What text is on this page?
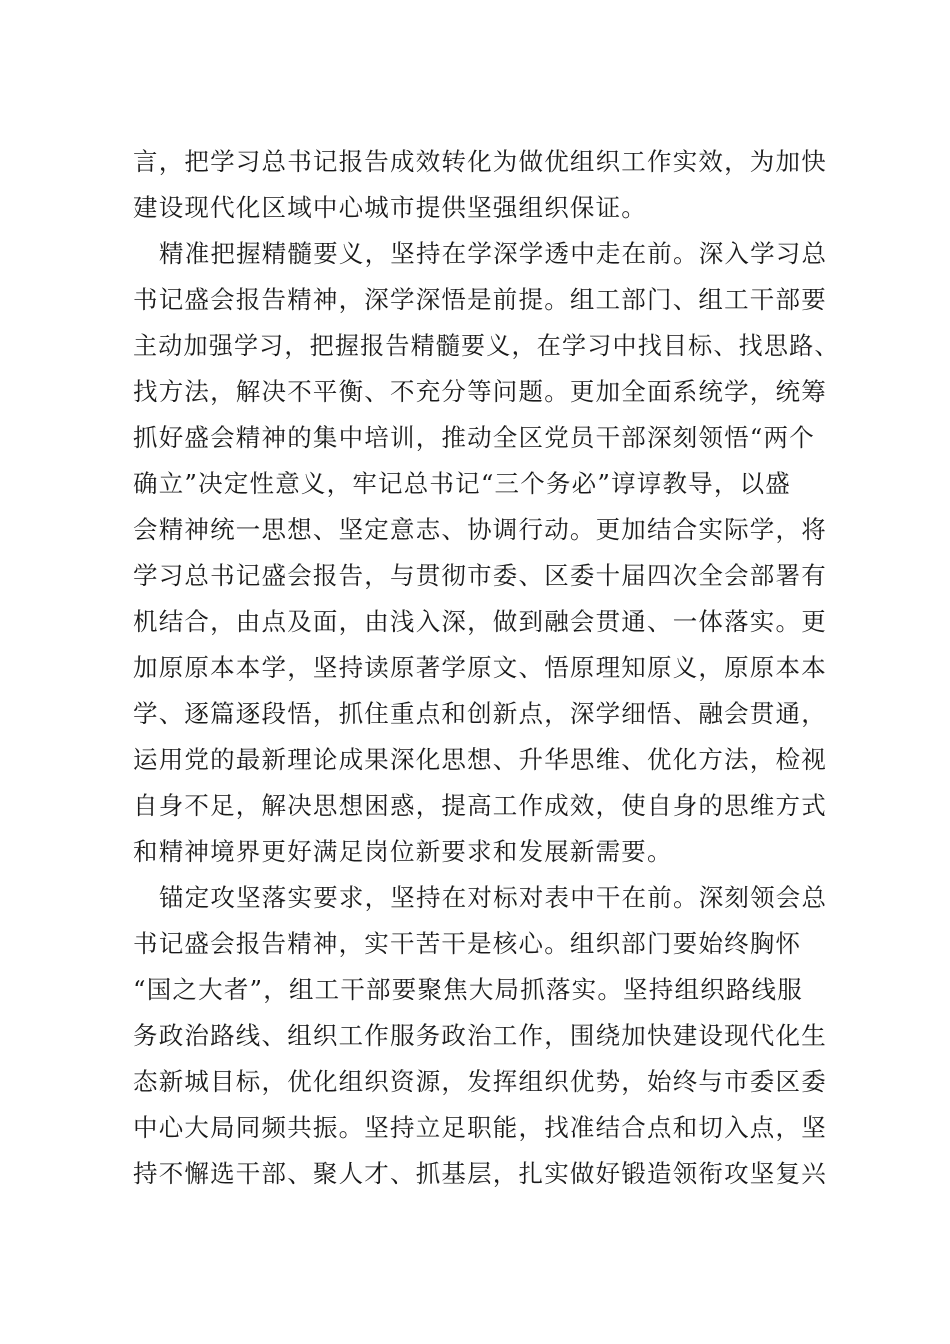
言，把学习总书记报告成效转化为做优组织工作实效，为加快
建设现代化区域中心城市提供坚强组织保证。
精准把握精髓要义，坚持在学深学透中走在前。深入学习总
书记盛会报告精神，深学深悟是前提。组工部门、组工干部要
主动加强学习，把握报告精髓要义，在学习中找目标、找思路、
找方法，解决不平衡、不充分等问题。更加全面系统学，统筹
抓好盛会精神的集中培训，推动全区党员干部深刻领悟“两个
确立”决定性意义，牢记总书记“三个务必”谆谆教导，以盛
会精神统一思想、坚定意志、协调行动。更加结合实际学，将
学习总书记盛会报告，与贯彻市委、区委十届四次全会部署有
机结合，由点及面，由浅入深，做到融会贯通、一体落实。更
加原原本本学，坚持读原著学原文、悟原理知原义，原原本本
学、逐篇逐段悟，抓住重点和创新点，深学细悟、融会贯通，
运用党的最新理论成果深化思想、升华思维、优化方法，检视
自身不足，解决思想困惑，提高工作成效，使自身的思维方式
和精神境界更好满足岗位新要求和发展新需要。
锚定攻坚落实要求，坚持在对标对表中干在前。深刻领会总
书记盛会报告精神，实干苦干是核心。组织部门要始终胸怀
“国之大者”，组工干部要聚焦大局抓落实。坚持组织路线服
务政治路线、组织工作服务政治工作，围绕加快建设现代化生
态新城目标，优化组织资源，发挥组织优势，始终与市委区委
中心大局同频共振。坚持立足职能，找准结合点和切入点，坚
持不懈选干部、聚人才、抓基层，扎实做好锻造领衔攻坚复兴
